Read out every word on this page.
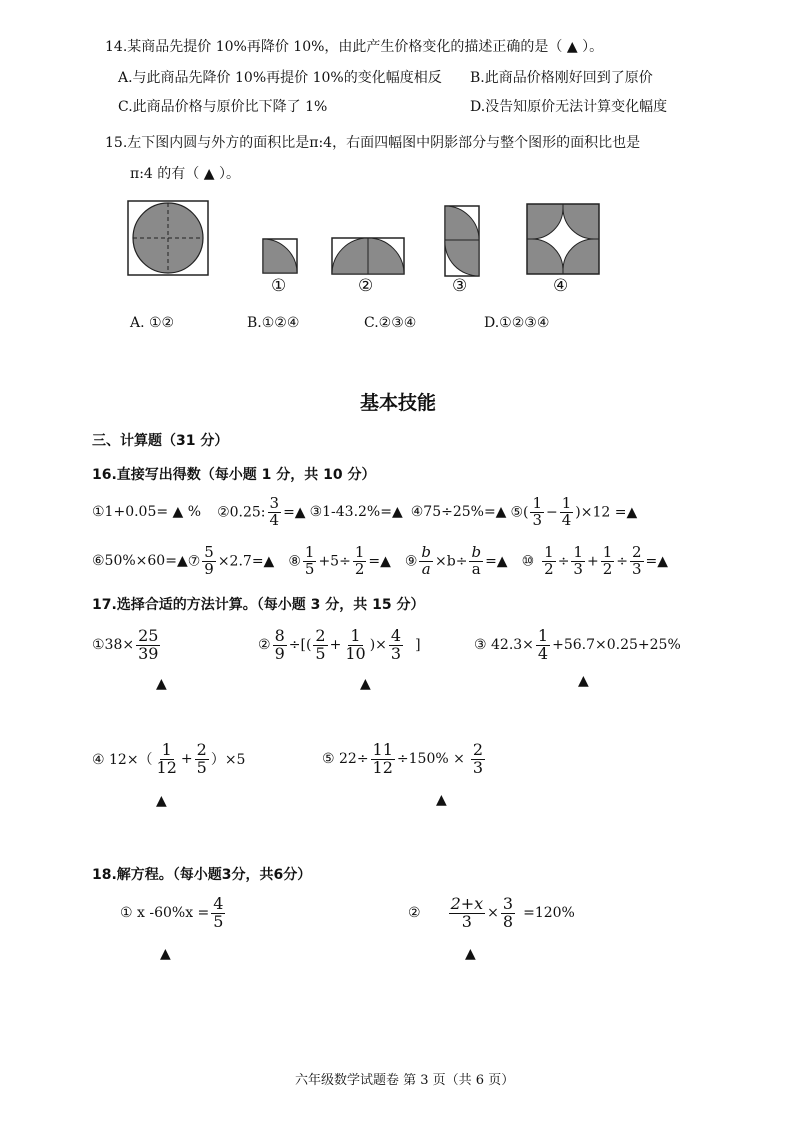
14.某商品先提价 10%再降价 10%，由此产生价格变化的描述正确的是（ ▲ ）。
A.与此商品先降价 10%再提价 10%的变化幅度相反 B.此商品价格刚好回到了原价
C.此商品价格与原价比下降了 1%	D.没告知原价无法计算变化幅度
15.左下图内圆与外方的面积比是π:4，右面四幅图中阴影部分与整个图形的面积比也是
π:4 的有（ ▲ ）。
①	②	③	④
A. ①②	B.①②④	C.②③④	D.①②③④
基本技能
三、计算题（31 分）
16.直接写出得数（每小题 1 分，共 10 分）
①1+0.05= ▲ % ②0.25: $\frac{3}{4}$ =▲ ③1-43.2%=▲ ④75÷25%=▲ ⑤( $\frac{1}{3} - \frac{1}{4} )\times 12$ =▲
⑥50%×60=▲ ⑦ $\frac{5}{9}$ ×2.7=▲ ⑧ $\frac{1}{5} +5\div \frac{1}{2}$ =▲ ⑨ $\frac{b}{a} \times b\div \frac{b}{a}$ =▲ ⑩ $\frac{1}{2} \div \frac{1}{3} + \frac{1}{2} \div \frac{2}{3}$ =▲
17.选择合适的方法计算。（每小题 3 分，共 15 分）
①38× $\frac{25}{39}$	② $\frac{8}{9}$ ÷[( $\frac{2}{5} + \frac{1}{10}$ )× $\frac{4}{3}$ ]	③ $42.3\times \frac{1}{4} +56.7\times 0.25+25\%$
▲	▲	▲
④ $12\times( \frac{1}{12} + \frac{2}{5} )\times 5$	⑤ $22\div \frac{11}{12} \div 150\% \times \frac{2}{3}$
▲	▲
18.解方程。（每小题3分，共6分）
① x $-60\%x = \frac{4}{5}$	② $\frac{2+x}{3} \times \frac{3}{8} =120\%$
▲	▲
六年级数学试题卷 第 3 页（共 6 页）
